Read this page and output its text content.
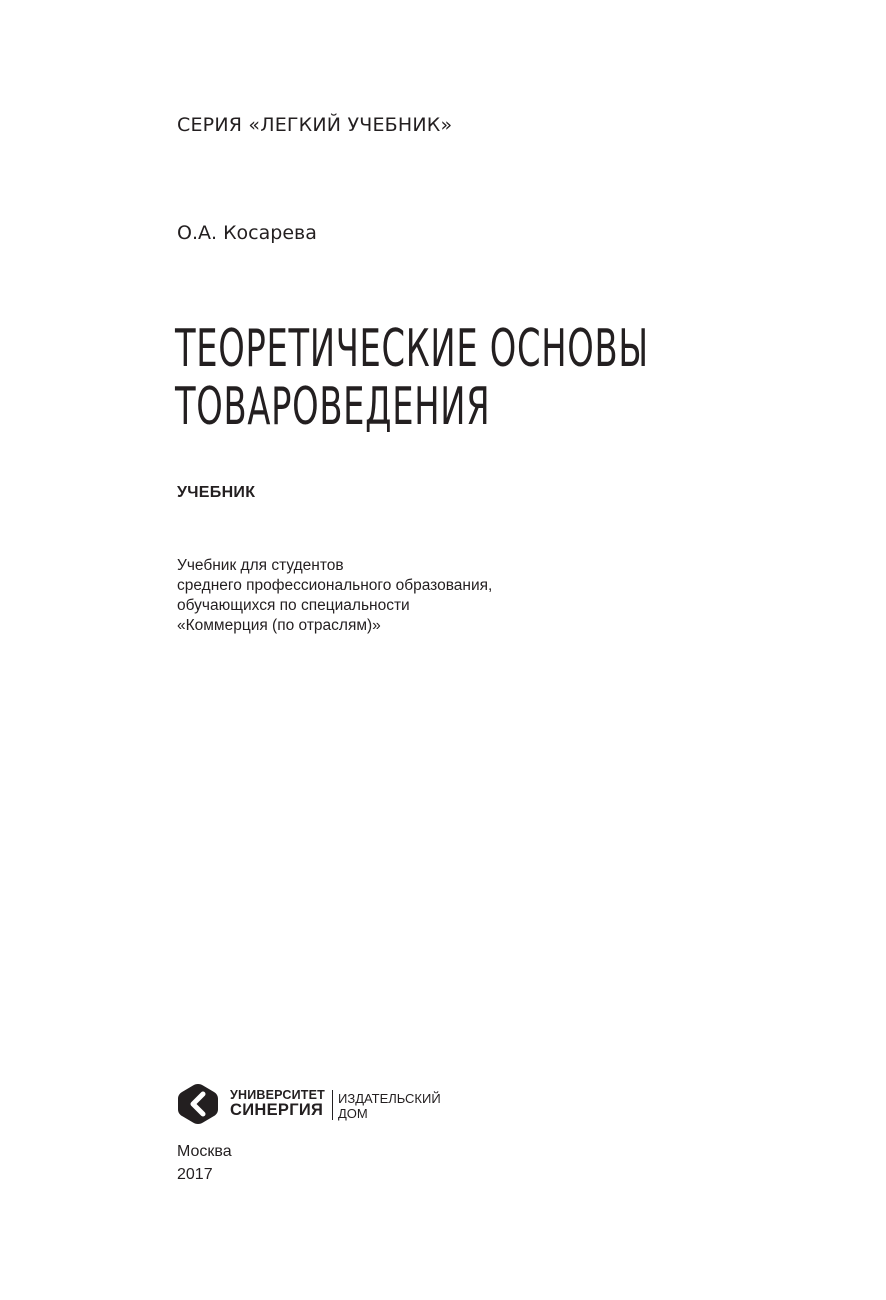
СЕРИЯ «ЛЕГКИЙ УЧЕБНИК»
О.А. Косарева
ТЕОРЕТИЧЕСКИЕ ОСНОВЫ
ТОВАРОВЕДЕНИЯ
УЧЕБНИК
Учебник для студентов
среднего профессионального образования,
обучающихся по специальности
«Коммерция (по отраслям)»
УНИВЕРСИТЕТ
СИНЕРГИЯ
ИЗДАТЕЛЬСКИЙ
ДОМ
Москва
2017
